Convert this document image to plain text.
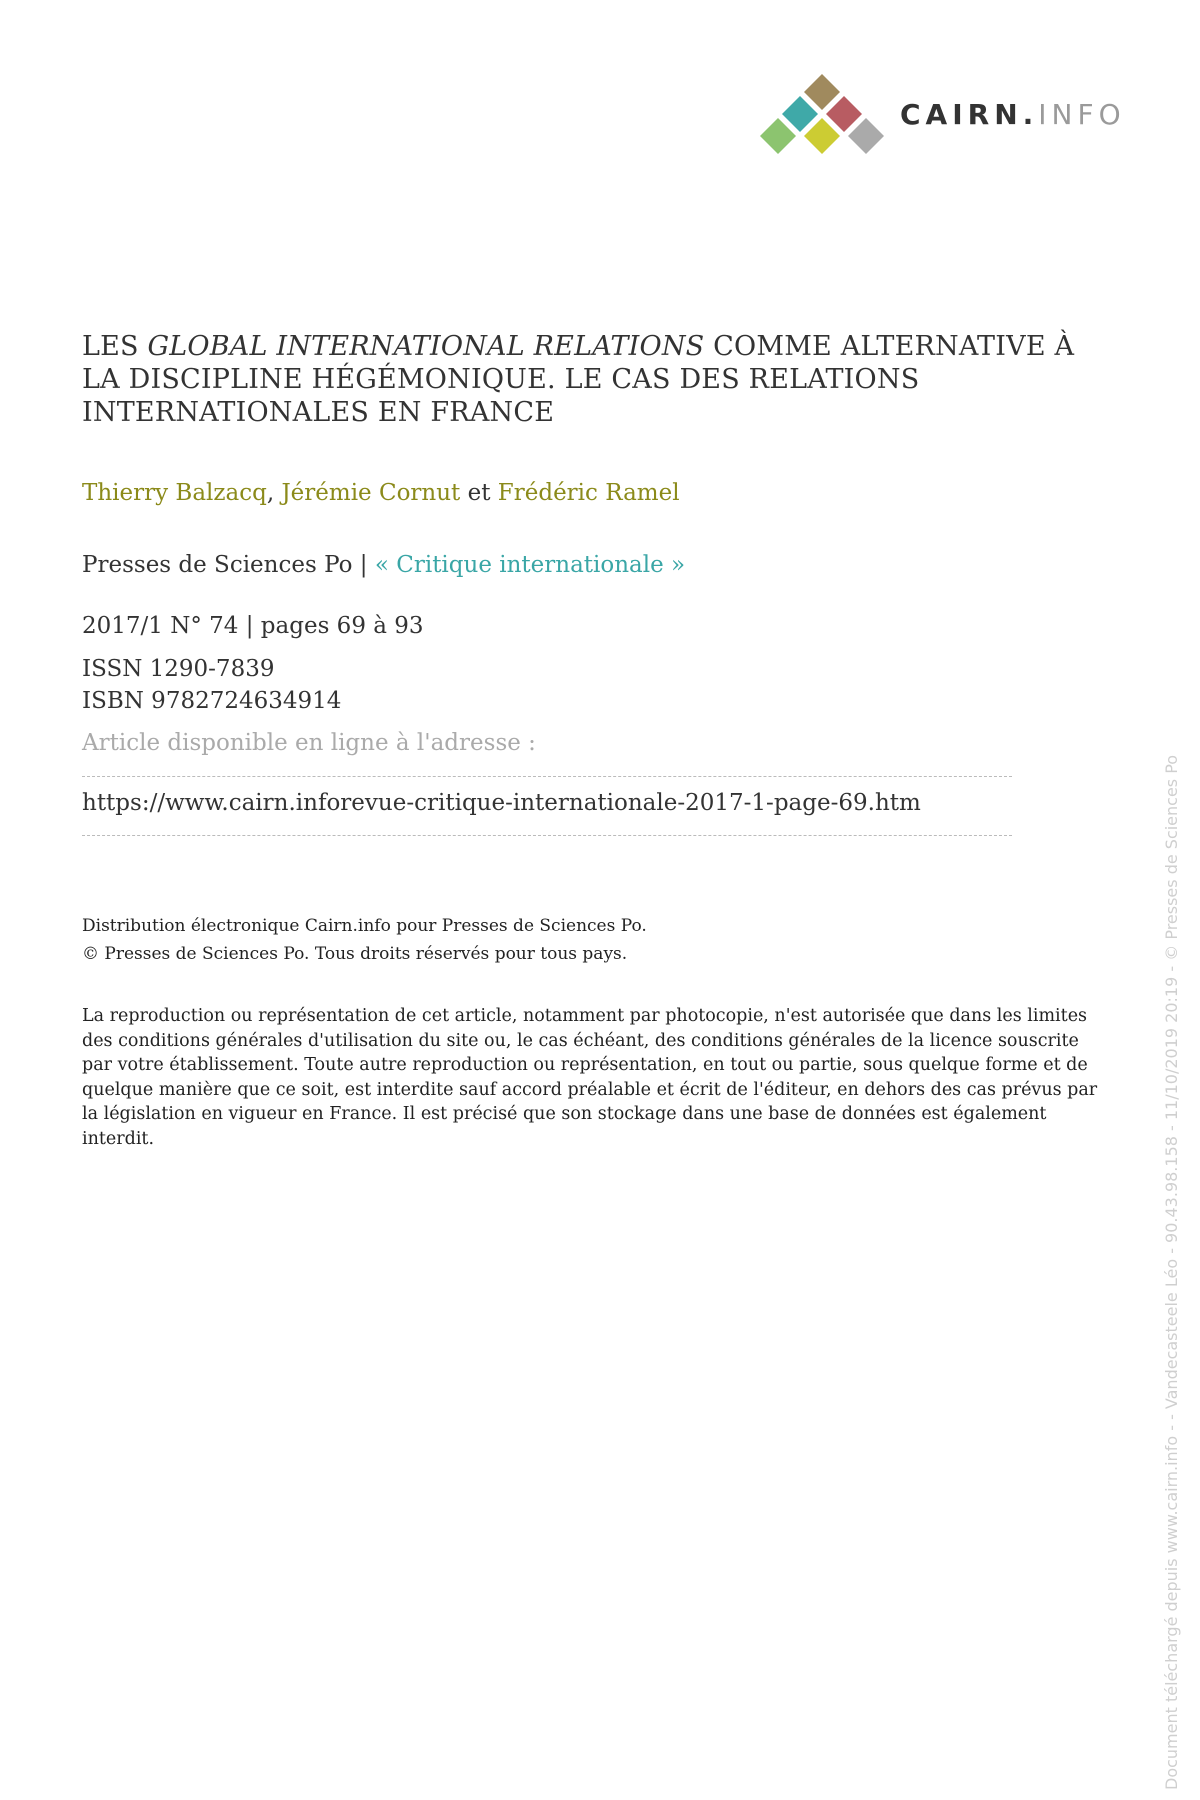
CAIRN.INFO
LES GLOBAL INTERNATIONAL RELATIONS COMME ALTERNATIVE À LA DISCIPLINE HÉGÉMONIQUE. LE CAS DES RELATIONS INTERNATIONALES EN FRANCE
Thierry Balzacq, Jérémie Cornut et Frédéric Ramel
Presses de Sciences Po | « Critique internationale »
2017/1 N° 74 | pages 69 à 93
ISSN 1290-7839
ISBN 9782724634914
Article disponible en ligne à l'adresse :
https://www.cairn.inforevue-critique-internationale-2017-1-page-69.htm
Distribution électronique Cairn.info pour Presses de Sciences Po.
© Presses de Sciences Po. Tous droits réservés pour tous pays.

La reproduction ou représentation de cet article, notamment par photocopie, n'est autorisée que dans les limites des conditions générales d'utilisation du site ou, le cas échéant, des conditions générales de la licence souscrite par votre établissement. Toute autre reproduction ou représentation, en tout ou partie, sous quelque forme et de quelque manière que ce soit, est interdite sauf accord préalable et écrit de l'éditeur, en dehors des cas prévus par la législation en vigueur en France. Il est précisé que son stockage dans une base de données est également interdit.	Document téléchargé depuis www.cairn.info - - Vandecasteele Léo - 90.43.98.158 - 11/10/2019 20:19 - © Presses de Sciences Po
